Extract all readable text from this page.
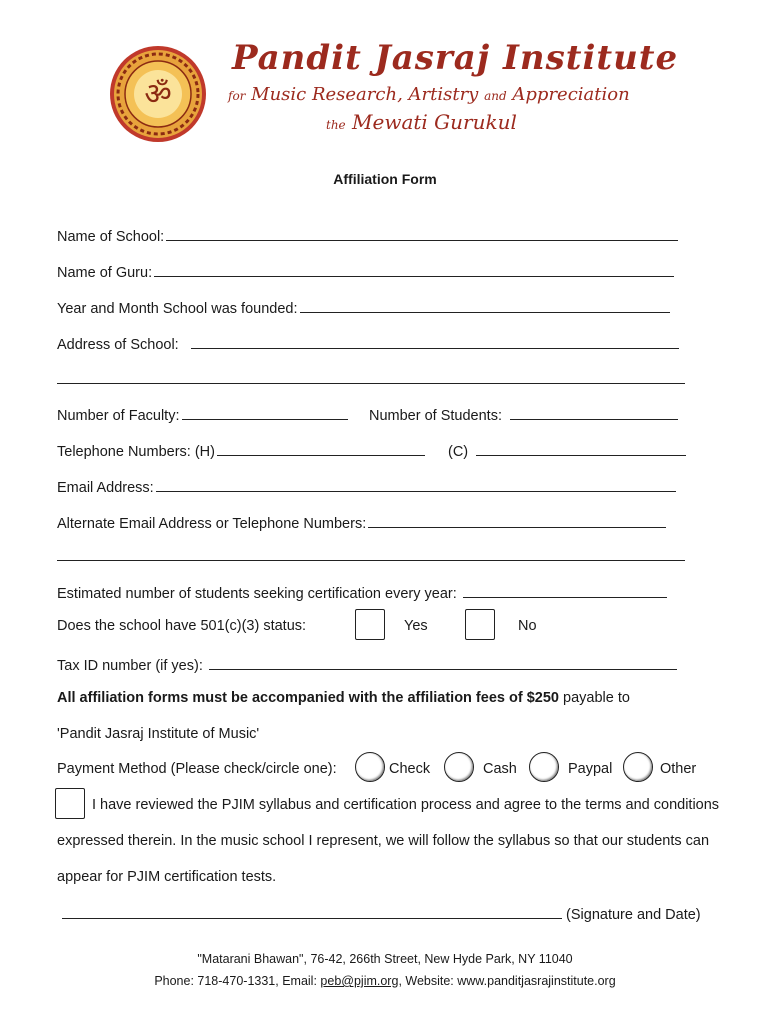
ॐ
Pandit Jasraj Institute
for Music Research, Artistry and Appreciation
the Mewati Gurukul
Affiliation Form
Name of School:
Name of Guru:
Year and Month School was founded:
Address of School:
Number of Faculty:	Number of Students:
Telephone Numbers: (H)	(C)
Email Address:
Alternate Email Address or Telephone Numbers:
Estimated number of students seeking certification every year:
Does the school have 501(c)(3) status:	Yes	No
Tax ID number (if yes):
All affiliation forms must be accompanied with the affiliation fees of $250 payable to
'Pandit Jasraj Institute of Music'
Payment Method (Please check/circle one):	Check	Cash	Paypal	Other
I have reviewed the PJIM syllabus and certification process and agree to the terms and conditions
expressed therein. In the music school I represent, we will follow the syllabus so that our students can
appear for PJIM certification tests.
(Signature and Date)
"Matarani Bhawan", 76-42, 266th Street, New Hyde Park, NY 11040
Phone: 718-470-1331, Email: peb@pjim.org, Website: www.panditjasrajinstitute.org
